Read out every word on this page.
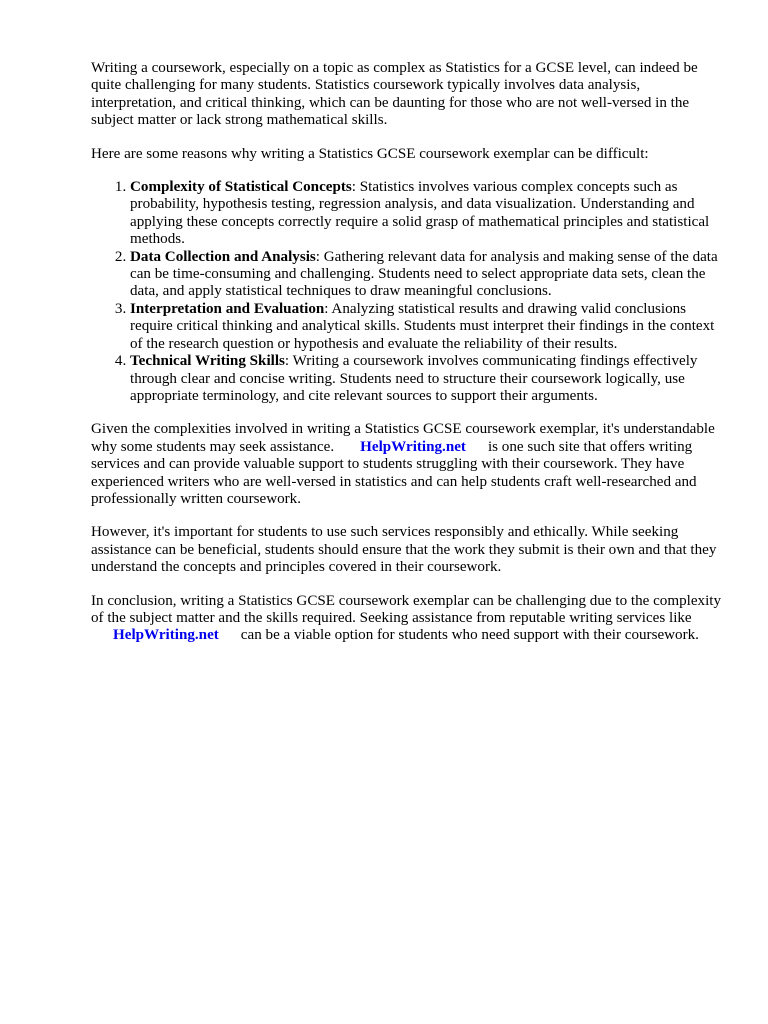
Writing a coursework, especially on a topic as complex as Statistics for a GCSE level, can indeed be quite challenging for many students. Statistics coursework typically involves data analysis, interpretation, and critical thinking, which can be daunting for those who are not well-versed in the subject matter or lack strong mathematical skills.

Here are some reasons why writing a Statistics GCSE coursework exemplar can be difficult:

1. Complexity of Statistical Concepts: Statistics involves various complex concepts such as probability, hypothesis testing, regression analysis, and data visualization. Understanding and applying these concepts correctly require a solid grasp of mathematical principles and statistical methods.
2. Data Collection and Analysis: Gathering relevant data for analysis and making sense of the data can be time-consuming and challenging. Students need to select appropriate data sets, clean the data, and apply statistical techniques to draw meaningful conclusions.
3. Interpretation and Evaluation: Analyzing statistical results and drawing valid conclusions require critical thinking and analytical skills. Students must interpret their findings in the context of the research question or hypothesis and evaluate the reliability of their results.
4. Technical Writing Skills: Writing a coursework involves communicating findings effectively through clear and concise writing. Students need to structure their coursework logically, use appropriate terminology, and cite relevant sources to support their arguments.

Given the complexities involved in writing a Statistics GCSE coursework exemplar, it's understandable why some students may seek assistance. HelpWriting.net is one such site that offers writing services and can provide valuable support to students struggling with their coursework. They have experienced writers who are well-versed in statistics and can help students craft well-researched and professionally written coursework.

However, it's important for students to use such services responsibly and ethically. While seeking assistance can be beneficial, students should ensure that the work they submit is their own and that they understand the concepts and principles covered in their coursework.

In conclusion, writing a Statistics GCSE coursework exemplar can be challenging due to the complexity of the subject matter and the skills required. Seeking assistance from reputable writing services likeHelpWriting.net can be a viable option for students who need support with their coursework.
